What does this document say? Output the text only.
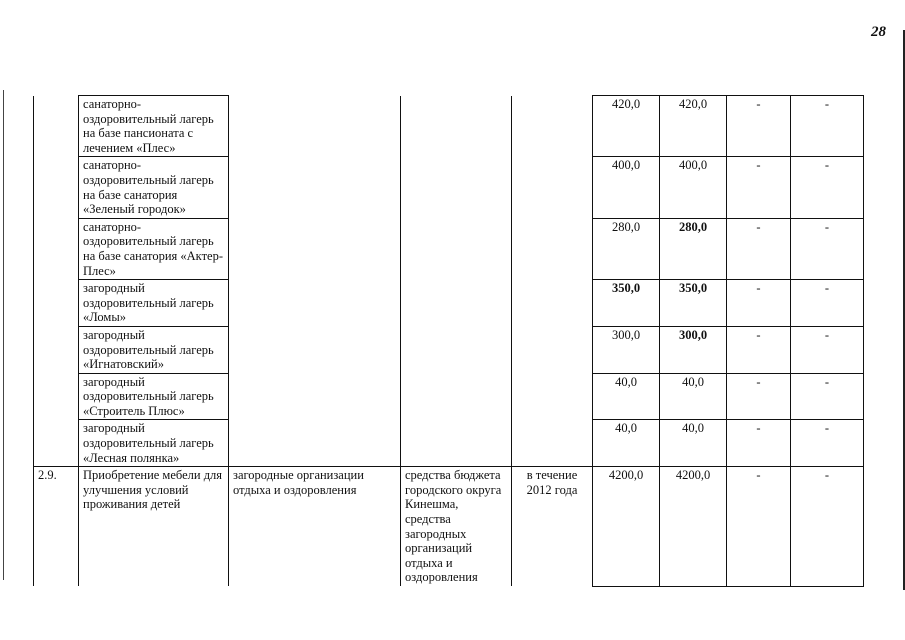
28
	санаторно-оздоровительный лагерь на базе пансионата с лечением «Плес»				420,0	420,0	-	-
	санаторно-оздоровительный лагерь на базе санатория «Зеленый городок»				400,0	400,0	-	-
	санаторно-оздоровительный лагерь на базе санатория «Актер-Плес»				280,0	280,0	-	-
	загородный оздоровительный лагерь «Ломы»				350,0	350,0	-	-
	загородный оздоровительный лагерь «Игнатовский»				300,0	300,0	-	-
	загородный оздоровительный лагерь «Строитель Плюс»				40,0	40,0	-	-
	загородный оздоровительный лагерь «Лесная полянка»				40,0	40,0	-	-
2.9.	Приобретение мебели для улучшения условий проживания детей	загородные организации отдыха и оздоровления	средства бюджета городского округа Кинешма, средства загородных организаций отдыха и оздоровления	в течение 2012 года	4200,0	4200,0	-	-
